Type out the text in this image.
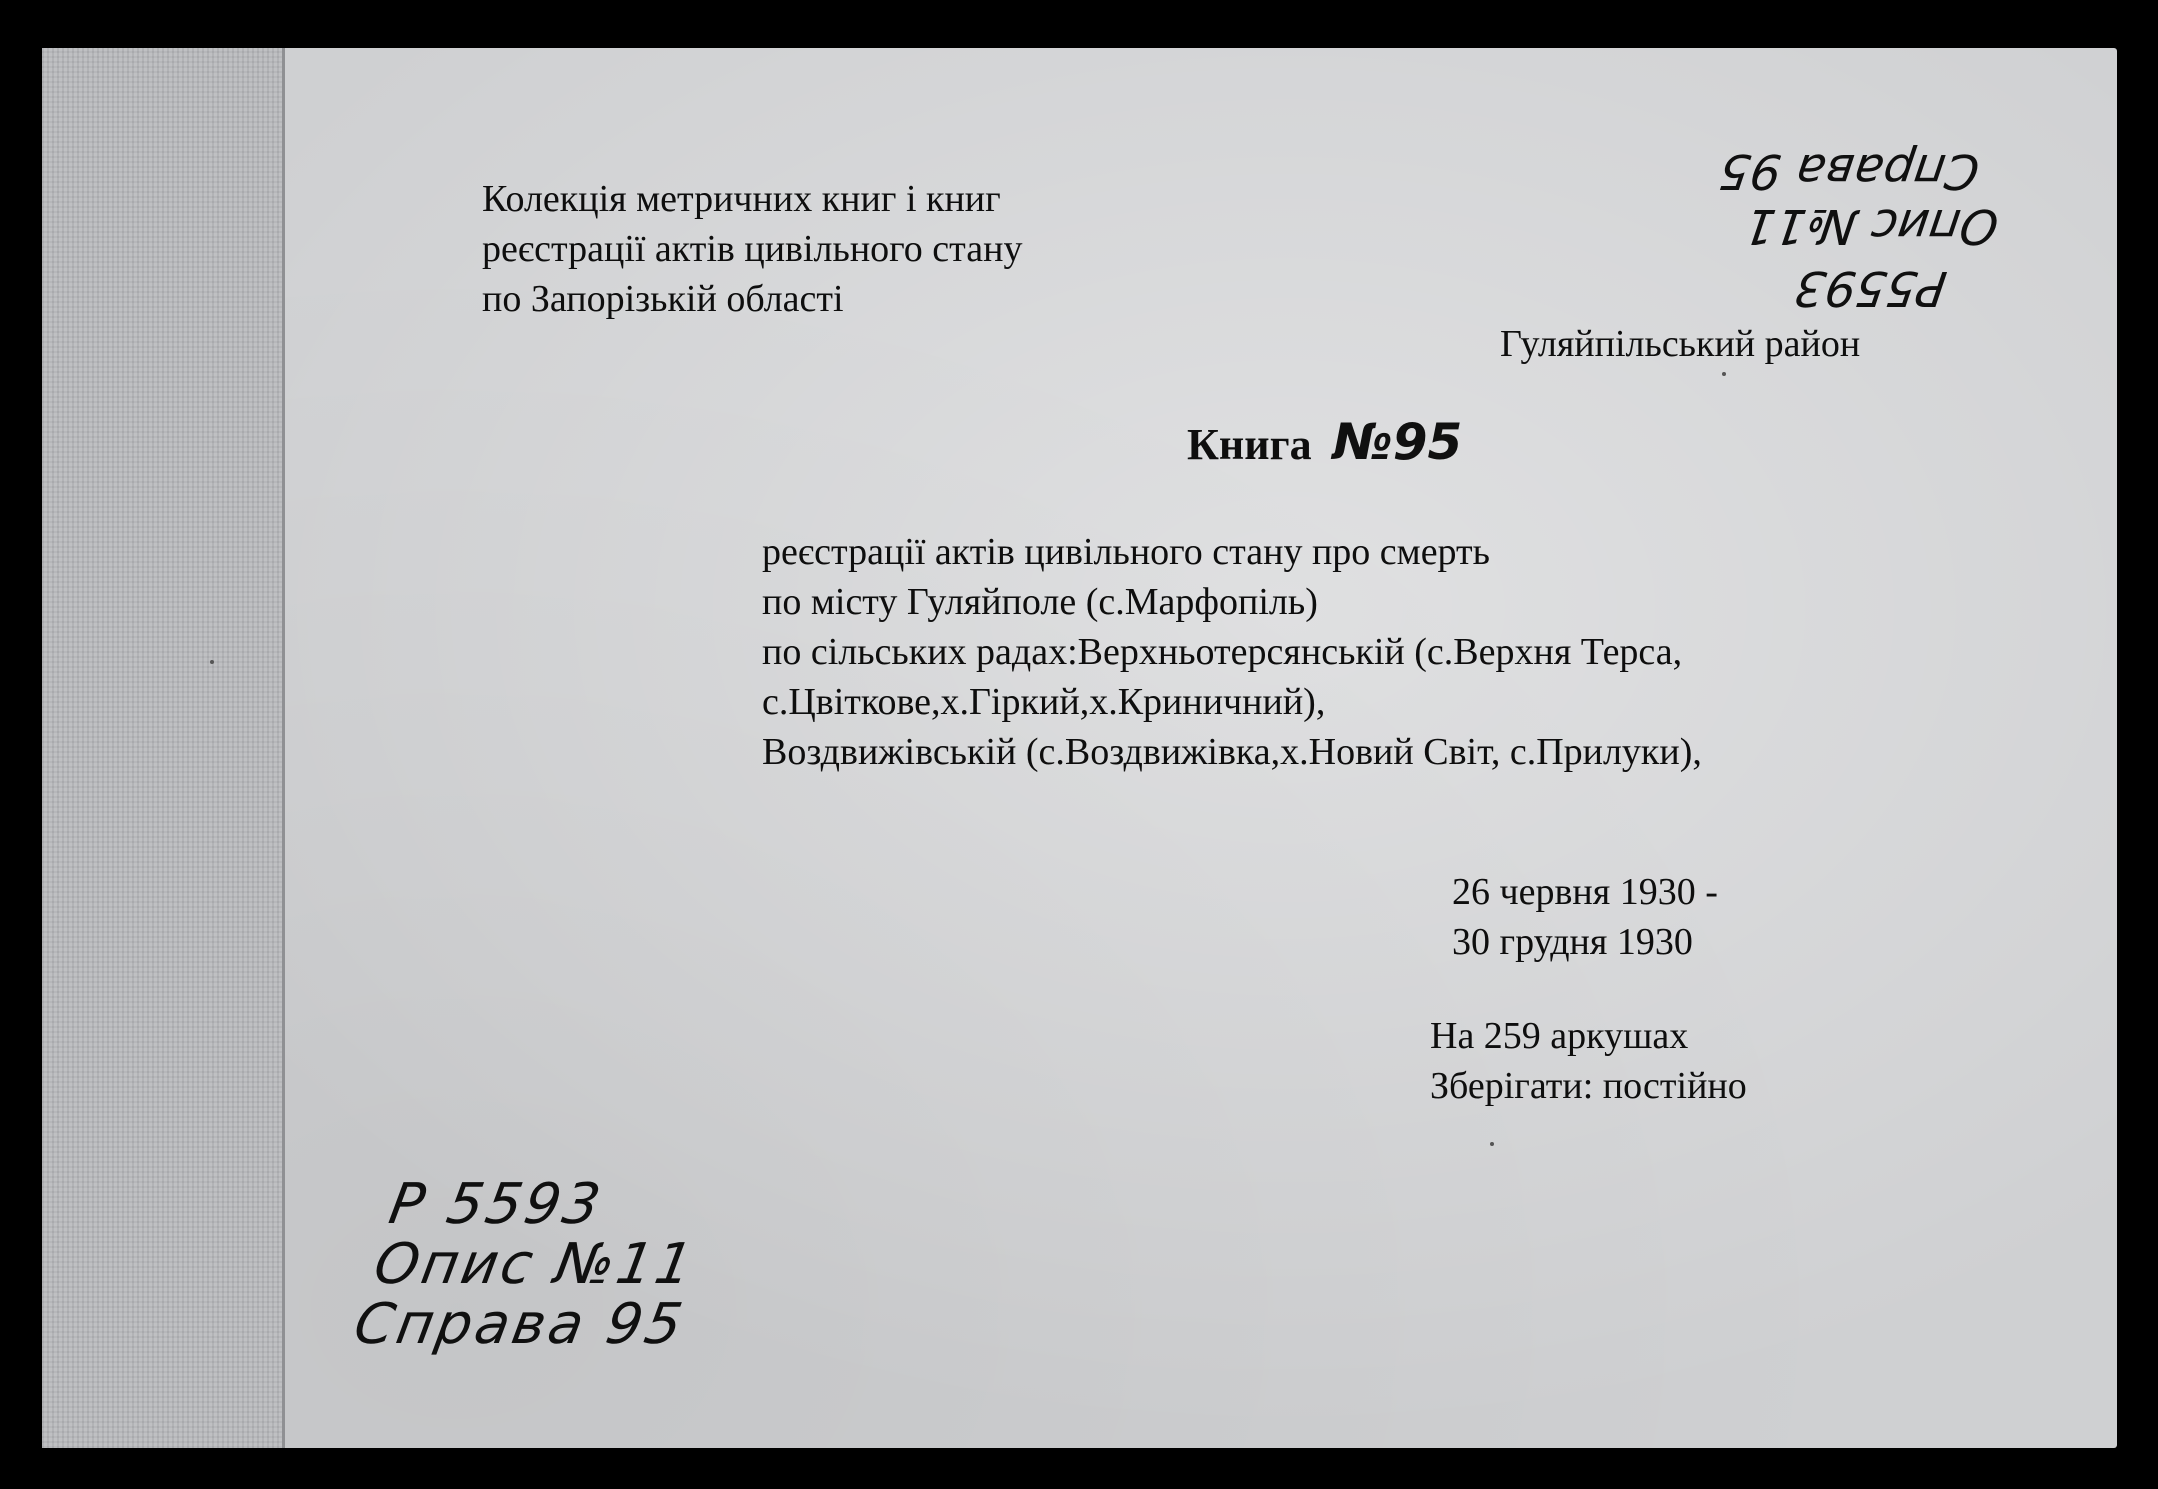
Колекція метричних книг і книг
реєстрації актів цивільного стану
по Запорізькій області
Гуляйпільський район
Книга №95
реєстрації актів цивільного стану про смерть
по місту Гуляйполе (с.Марфопіль)
по сільських радах:Верхньотерсянській (с.Верхня Терса,
с.Цвіткове,х.Гіркий,х.Криничний),
Воздвижівській (с.Воздвижівка,х.Новий Світ, с.Прилуки),
26 червня 1930 -
30 грудня 1930
На 259 аркушах
Зберігати: постійно
Р 5593
Опис №11
Справа 95
Р5593
Опис №11
Справа 95
